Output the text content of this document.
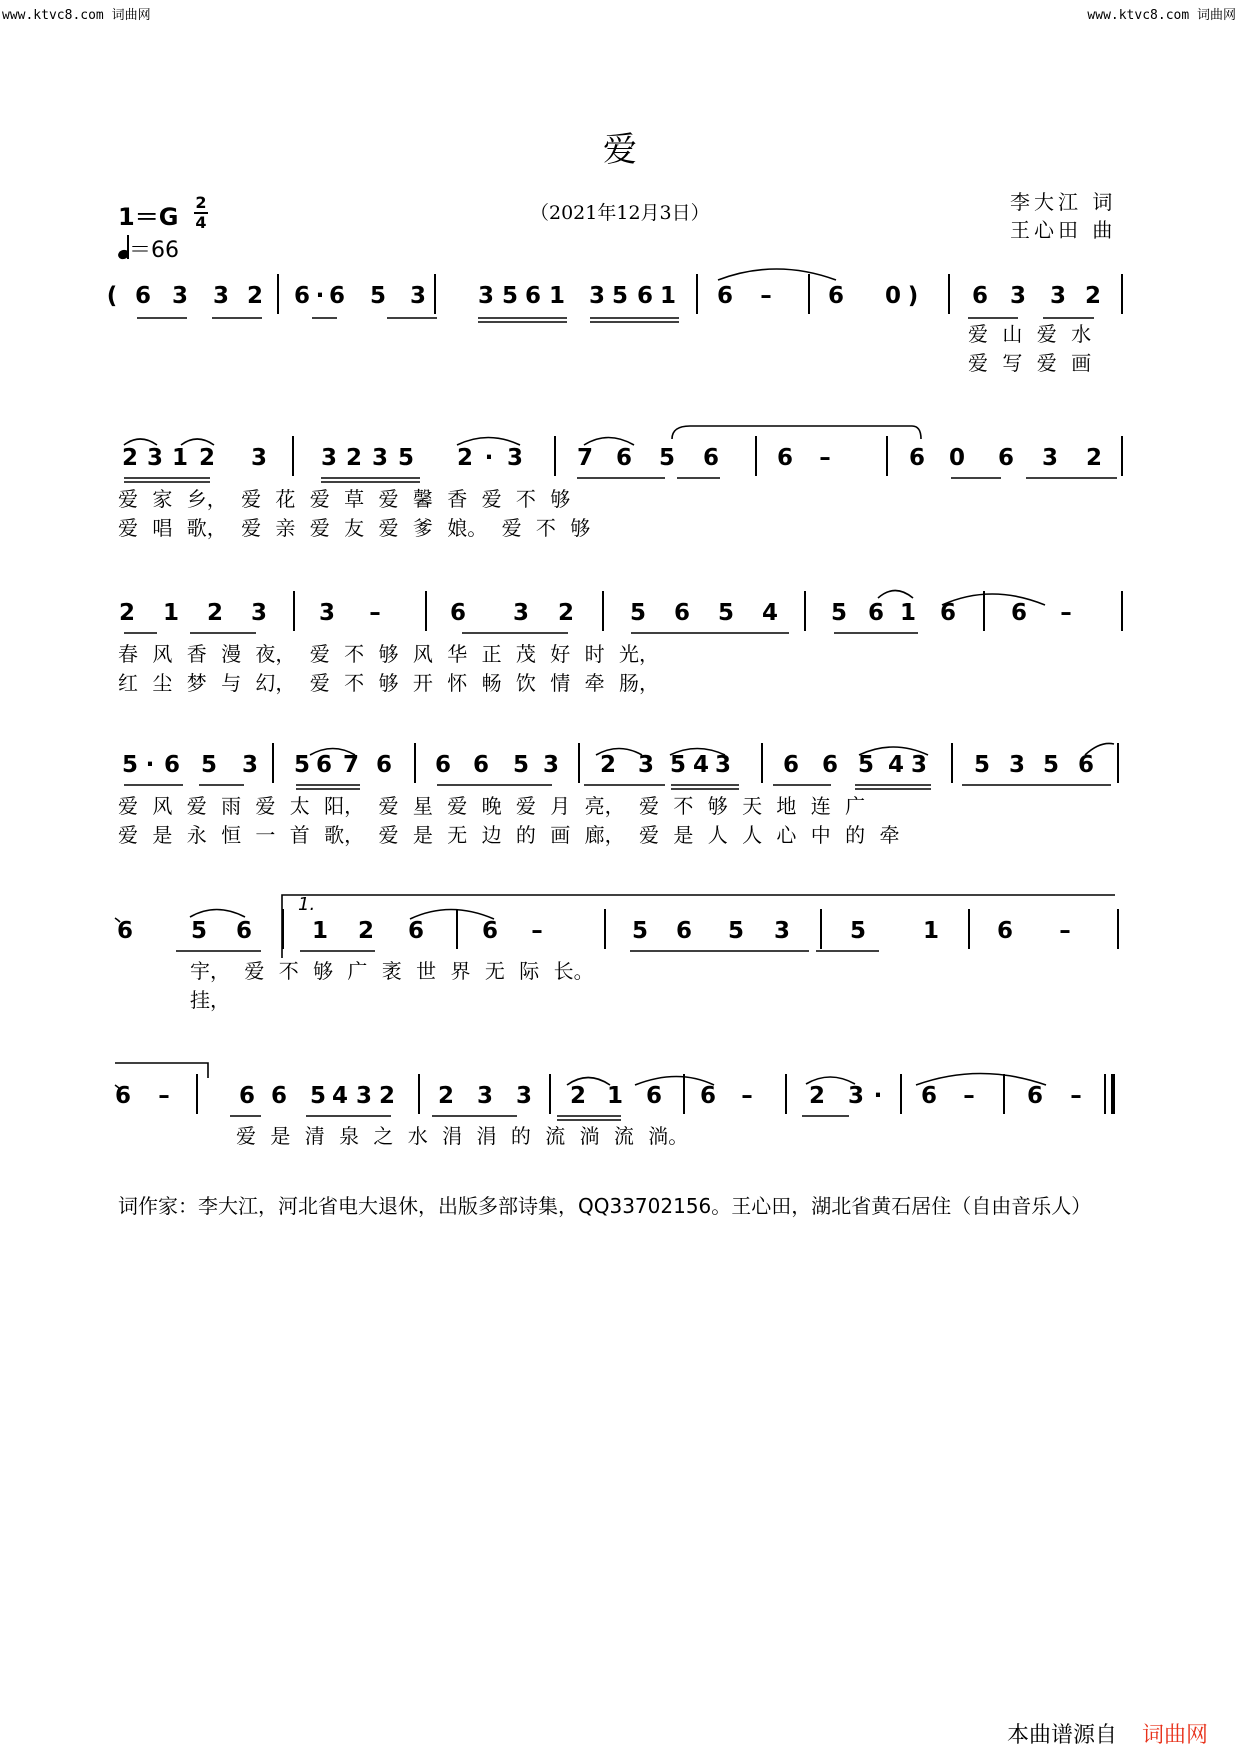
www.ktvc8.com 词曲网	www.ktvc8.com 词曲网
爱
（2021年12月3日）	李大江 词
王心田 曲
1＝G
2
4
＝66
( 6 3 3 2 6 · 6 5 3 3 5 6 1 3 5 6 1 6 – 6 0 ) 6 3 3 2
爱 山 爱 水
爱 写 爱 画
2 3 1 2 3 3 2 3 5 2 · 3 7 6 5 6	6 –	6 0 6 3 2
爱 家 乡， 爱 花 爱 草 爱 馨 香 爱 不 够
爱 唱 歌， 爱 亲 爱 友 爱 爹 娘。 爱 不 够
2 1 2 3 3 –	6 3 2 5 6 5 4 5 6 1 6 6 –
春 风 香 漫 夜， 爱 不 够 风 华 正 茂 好 时 光，
红 尘 梦 与 幻， 爱 不 够 开 怀 畅 饮 情 牵 肠，
5 · 6 5 3 5 6 7 6 6 6 5 3 2 3 5 4 3 6 6 5 4 3 5 3 5 6
爱 风 爱 雨 爱 太 阳， 爱 星 爱 晚 爱 月 亮， 爱 不 够 天 地 连 广
爱 是 永 恒 一 首 歌， 爱 是 无 边 的 画 廊， 爱 是 人 人 心 中 的 牵
6	5 6	1 2 6	6 –	5 6 5 3	5 1	6 –
宇， 爱 不 够 广 袤 世 界 无 际 长。
挂，
6 –	6 6 5 4 3 2 2 3 3 2 1 6 6 – 2 3 · 6 – 6 –
爱 是 清 泉 之 水 涓 涓 的 流 淌 流 淌。
1.
词作家：李大江，河北省电大退休，出版多部诗集，QQ33702156。王心田，湖北省黄石居住（自由音乐人）
本曲谱源自 词曲网
